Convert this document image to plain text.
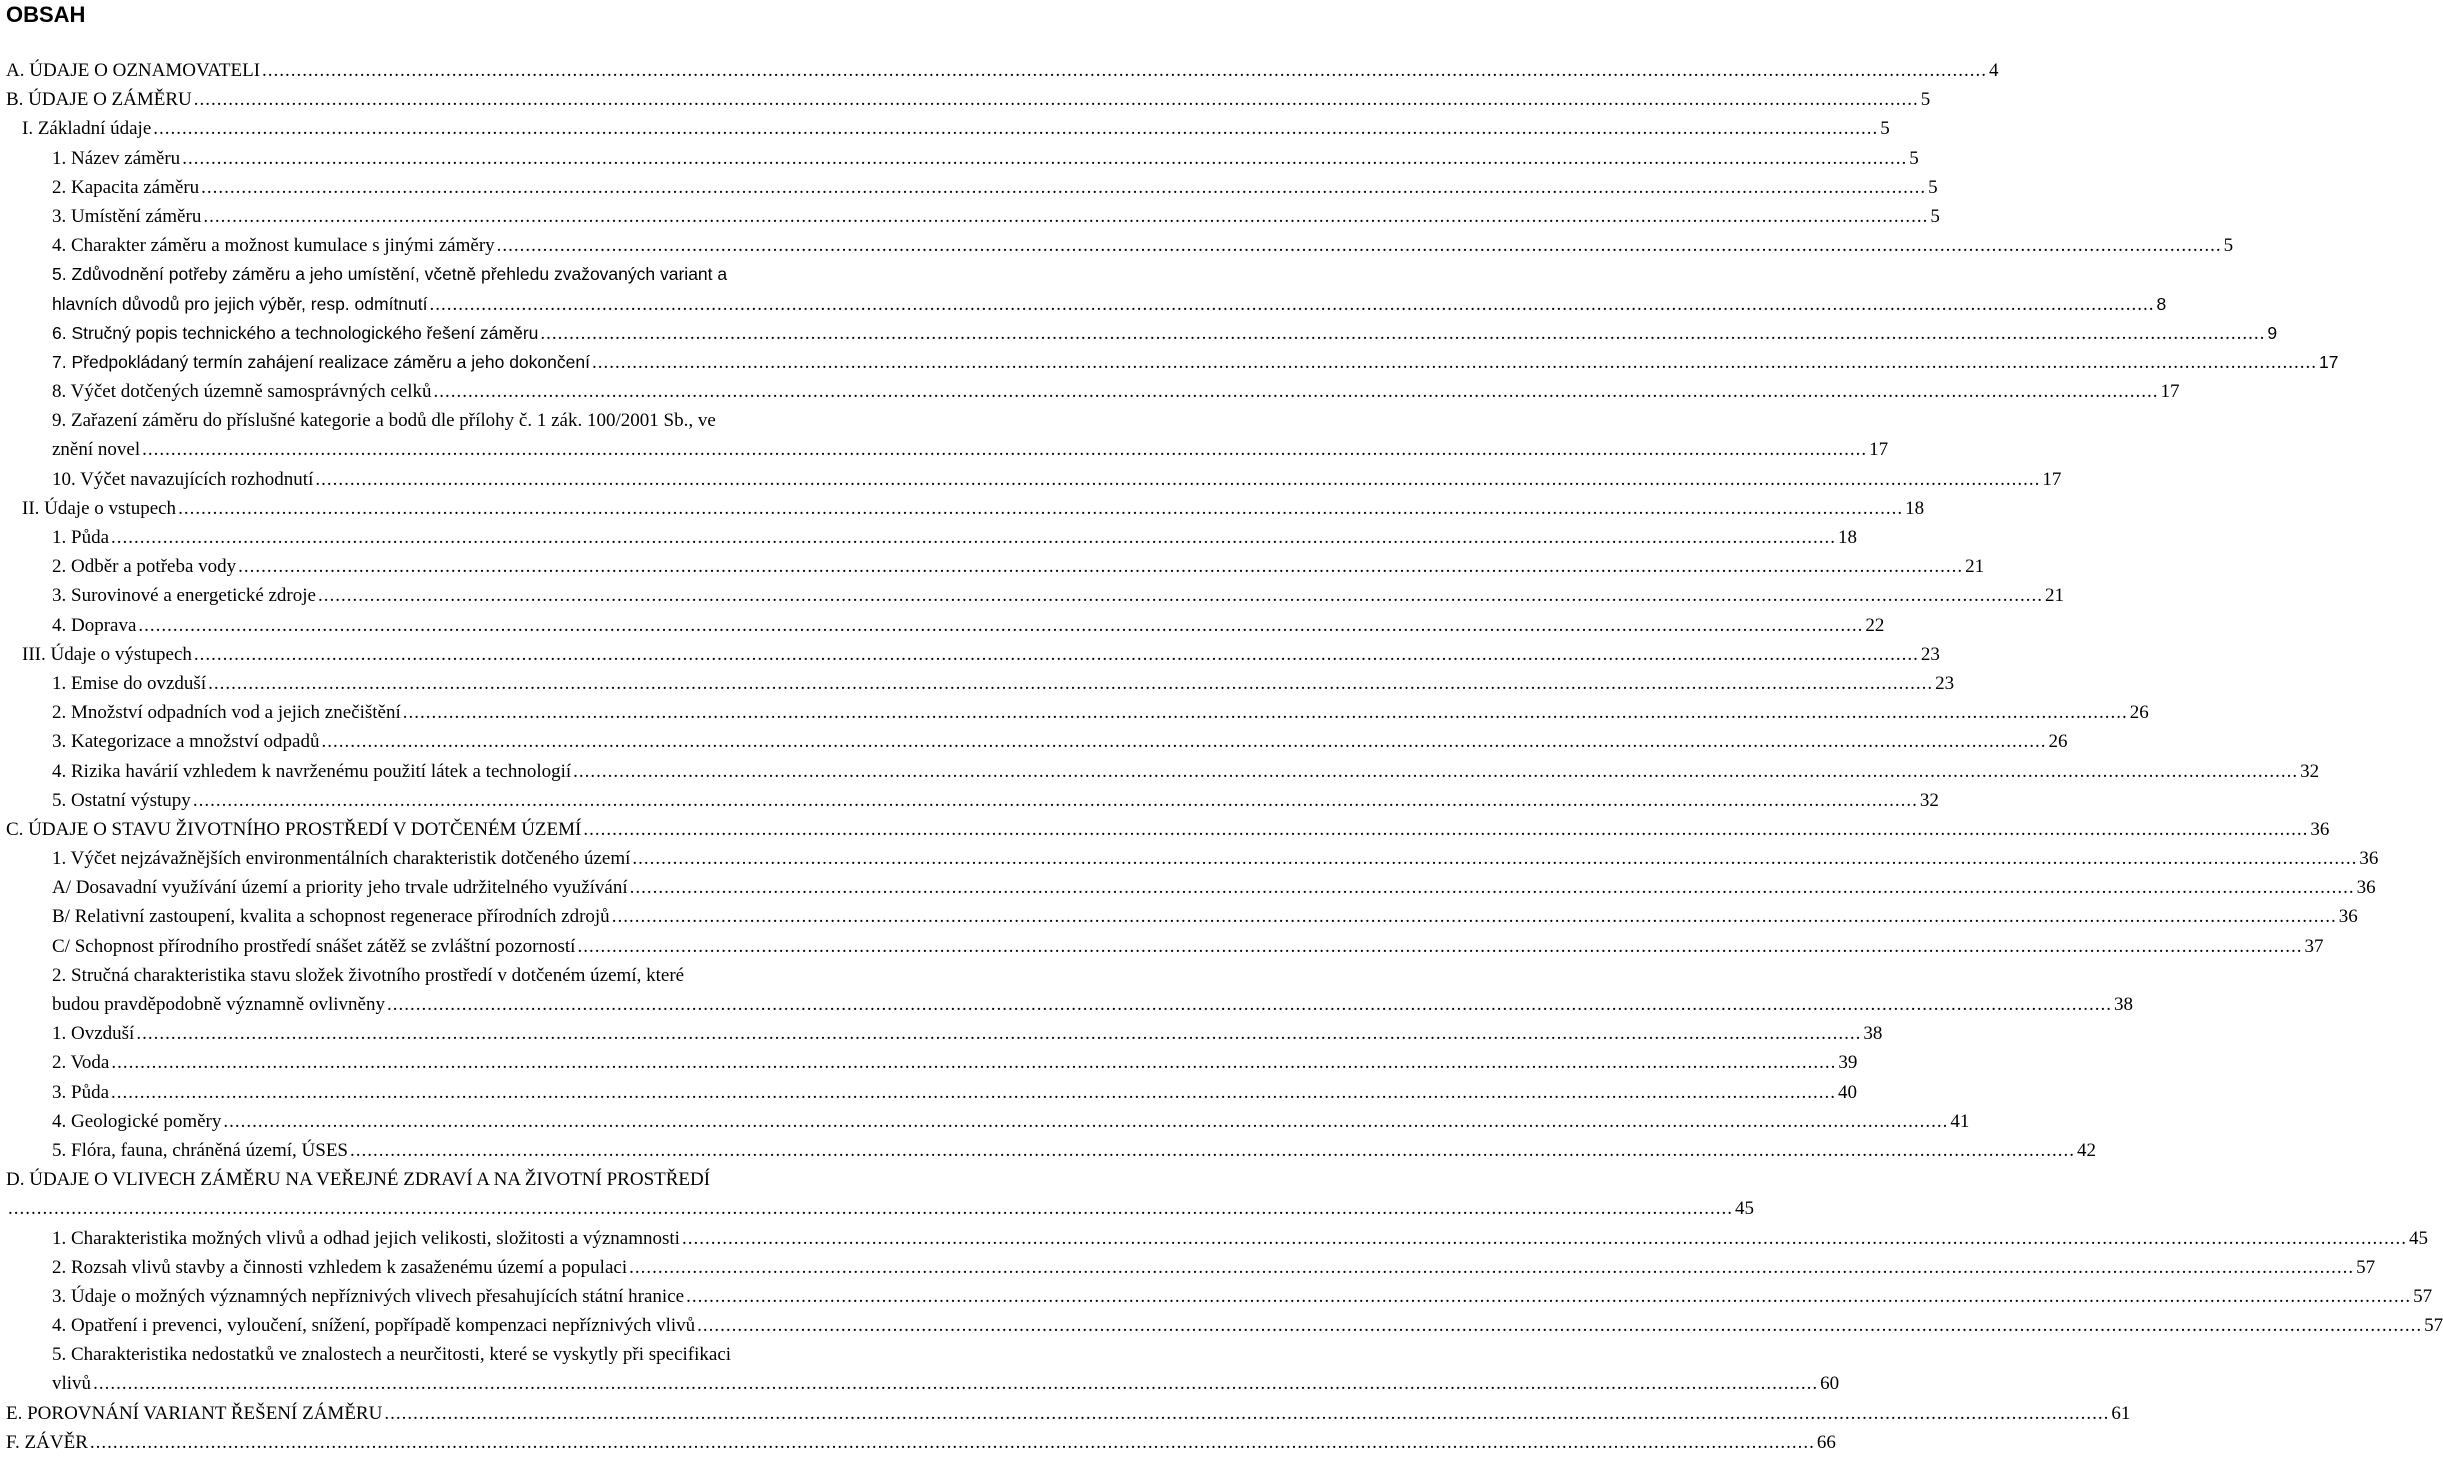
OBSAH
A. ÚDAJE O OZNAMOVATELI ............................................................................................................................................................................................................................................................................................................ 4
B. ÚDAJE O ZÁMĚRU ............................................................................................................................................................................................................................................................................................................ 5
I. Základní údaje ............................................................................................................................................................................................................................................................................................................ 5
1. Název záměru ............................................................................................................................................................................................................................................................................................................ 5
2. Kapacita záměru ............................................................................................................................................................................................................................................................................................................ 5
3. Umístění záměru ............................................................................................................................................................................................................................................................................................................ 5
4. Charakter záměru a možnost kumulace s jinými záměry ............................................................................................................................................................................................................................................................................................................ 5
5. Zdůvodnění potřeby záměru a jeho umístění, včetně přehledu zvažovaných variant a
hlavních důvodů pro jejich výběr, resp. odmítnutí ............................................................................................................................................................................................................................................................................................................ 8
6. Stručný popis technického a technologického řešení záměru ............................................................................................................................................................................................................................................................................................................ 9
7. Předpokládaný termín zahájení realizace záměru a jeho dokončení ............................................................................................................................................................................................................................................................................................................ 17
8. Výčet dotčených územně samosprávných celků ............................................................................................................................................................................................................................................................................................................ 17
9. Zařazení záměru do příslušné kategorie a bodů dle přílohy č. 1 zák. 100/2001 Sb., ve
znění novel ............................................................................................................................................................................................................................................................................................................ 17
10. Výčet navazujících rozhodnutí ............................................................................................................................................................................................................................................................................................................ 17
II. Údaje o vstupech ............................................................................................................................................................................................................................................................................................................ 18
1. Půda ............................................................................................................................................................................................................................................................................................................ 18
2. Odběr a potřeba vody ............................................................................................................................................................................................................................................................................................................ 21
3. Surovinové a energetické zdroje ............................................................................................................................................................................................................................................................................................................ 21
4. Doprava ............................................................................................................................................................................................................................................................................................................ 22
III. Údaje o výstupech ............................................................................................................................................................................................................................................................................................................ 23
1. Emise do ovzduší ............................................................................................................................................................................................................................................................................................................ 23
2. Množství odpadních vod a jejich znečištění ............................................................................................................................................................................................................................................................................................................ 26
3. Kategorizace a množství odpadů ............................................................................................................................................................................................................................................................................................................ 26
4. Rizika havárií vzhledem k navrženému použití látek a technologií ............................................................................................................................................................................................................................................................................................................ 32
5. Ostatní výstupy ............................................................................................................................................................................................................................................................................................................ 32
C. ÚDAJE O STAVU ŽIVOTNÍHO PROSTŘEDÍ V DOTČENÉM ÚZEMÍ ............................................................................................................................................................................................................................................................................................................ 36
1. Výčet nejzávažnějších environmentálních charakteristik dotčeného území ............................................................................................................................................................................................................................................................................................................ 36
A/ Dosavadní využívání území a priority jeho trvale udržitelného využívání ............................................................................................................................................................................................................................................................................................................ 36
B/ Relativní zastoupení, kvalita a schopnost regenerace přírodních zdrojů ............................................................................................................................................................................................................................................................................................................ 36
C/ Schopnost přírodního prostředí snášet zátěž se zvláštní pozorností ............................................................................................................................................................................................................................................................................................................ 37
2. Stručná charakteristika stavu složek životního prostředí v dotčeném území, které
budou pravděpodobně významně ovlivněny ............................................................................................................................................................................................................................................................................................................ 38
1. Ovzduší ............................................................................................................................................................................................................................................................................................................ 38
2. Voda ............................................................................................................................................................................................................................................................................................................ 39
3. Půda ............................................................................................................................................................................................................................................................................................................ 40
4. Geologické poměry ............................................................................................................................................................................................................................................................................................................ 41
5. Flóra, fauna, chráněná území, ÚSES ............................................................................................................................................................................................................................................................................................................ 42
D. ÚDAJE O VLIVECH ZÁMĚRU NA VEŘEJNÉ ZDRAVÍ A NA ŽIVOTNÍ PROSTŘEDÍ
............................................................................................................................................................................................................................................................................................................ 45
1. Charakteristika možných vlivů a odhad jejich velikosti, složitosti a významnosti ............................................................................................................................................................................................................................................................................................................ 45
2. Rozsah vlivů stavby a činnosti vzhledem k zasaženému území a populaci ............................................................................................................................................................................................................................................................................................................ 57
3. Údaje o možných významných nepříznivých vlivech přesahujících státní hranice ............................................................................................................................................................................................................................................................................................................ 57
4. Opatření i prevenci, vyloučení, snížení, popřípadě kompenzaci nepříznivých vlivů ............................................................................................................................................................................................................................................................................................................ 57
5. Charakteristika nedostatků ve znalostech a neurčitosti, které se vyskytly při specifikaci
vlivů ............................................................................................................................................................................................................................................................................................................ 60
E. POROVNÁNÍ VARIANT ŘEŠENÍ ZÁMĚRU ............................................................................................................................................................................................................................................................................................................ 61
F. ZÁVĚR ............................................................................................................................................................................................................................................................................................................ 66
